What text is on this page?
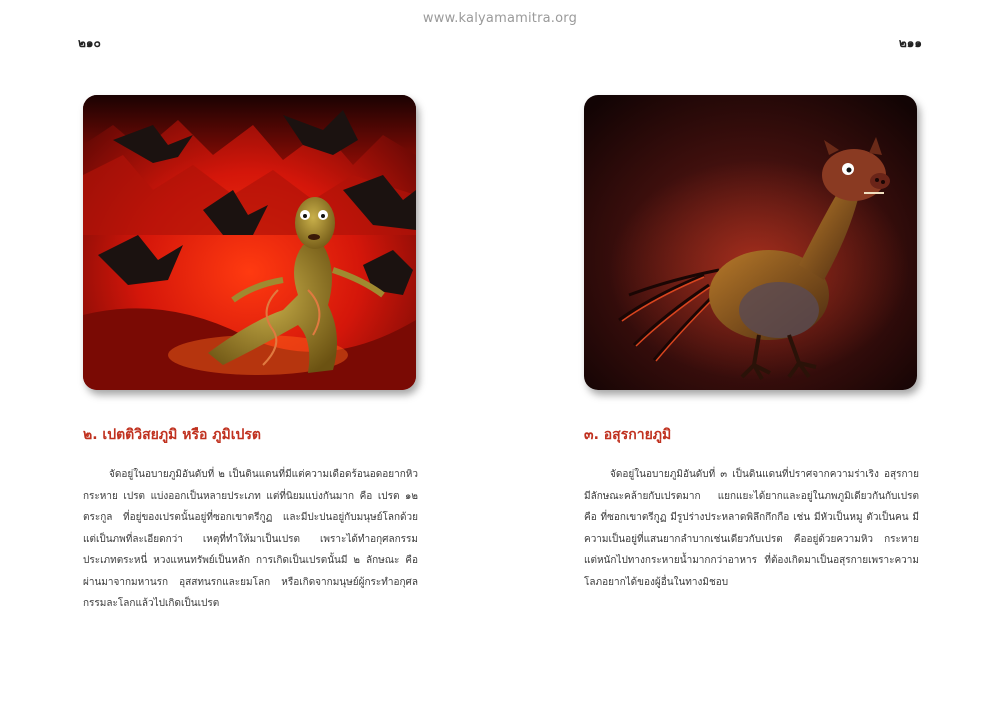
www.kalyamamitra.org
๒๑๐	๒๑๑
๒. เปตติวิสยภูมิ หรือ ภูมิเปรต

จัดอยู่ในอบายภูมิอันดับที่ ๒ เป็นดินแดนที่มีแต่ความเดือดร้อนอดอยากหิวกระหาย เปรต แบ่งออกเป็นหลายประเภท แต่ที่นิยมแบ่งกันมาก คือ เปรต ๑๒ ตระกูล ที่อยู่ของเปรตนั้นอยู่ที่ซอกเขาตรีกูฏ และมีปะปนอยู่กับมนุษย์โลกด้วย แต่เป็นภพที่ละเอียดกว่า เหตุที่ทำให้มาเป็นเปรต เพราะได้ทำอกุศลกรรมประเภทตระหนี่ หวงแหนทรัพย์เป็นหลัก การเกิดเป็นเปรตนั้นมี ๒ ลักษณะ คือ ผ่านมาจากมหานรก อุสสทนรกและยมโลก หรือเกิดจากมนุษย์ผู้กระทำอกุศลกรรมละโลกแล้วไปเกิดเป็นเปรต

๓. อสุรกายภูมิ

จัดอยู่ในอบายภูมิอันดับที่ ๓ เป็นดินแดนที่ปราศจากความร่าเริง อสุรกายมีลักษณะคล้ายกับเปรตมาก แยกแยะได้ยากและอยู่ในภพภูมิเดียวกันกับเปรต คือ ที่ซอกเขาตรีกูฏ มีรูปร่างประหลาดพิลึกกึกกือ เช่น มีหัวเป็นหมู ตัวเป็นคน มีความเป็นอยู่ที่แสนยากลำบากเช่นเดียวกับเปรต คืออยู่ด้วยความหิว กระหาย แต่หนักไปทางกระหายน้ำมากกว่าอาหาร ที่ต้องเกิดมาเป็นอสุรกายเพราะความโลภอยากได้ของผู้อื่นในทางมิชอบ
